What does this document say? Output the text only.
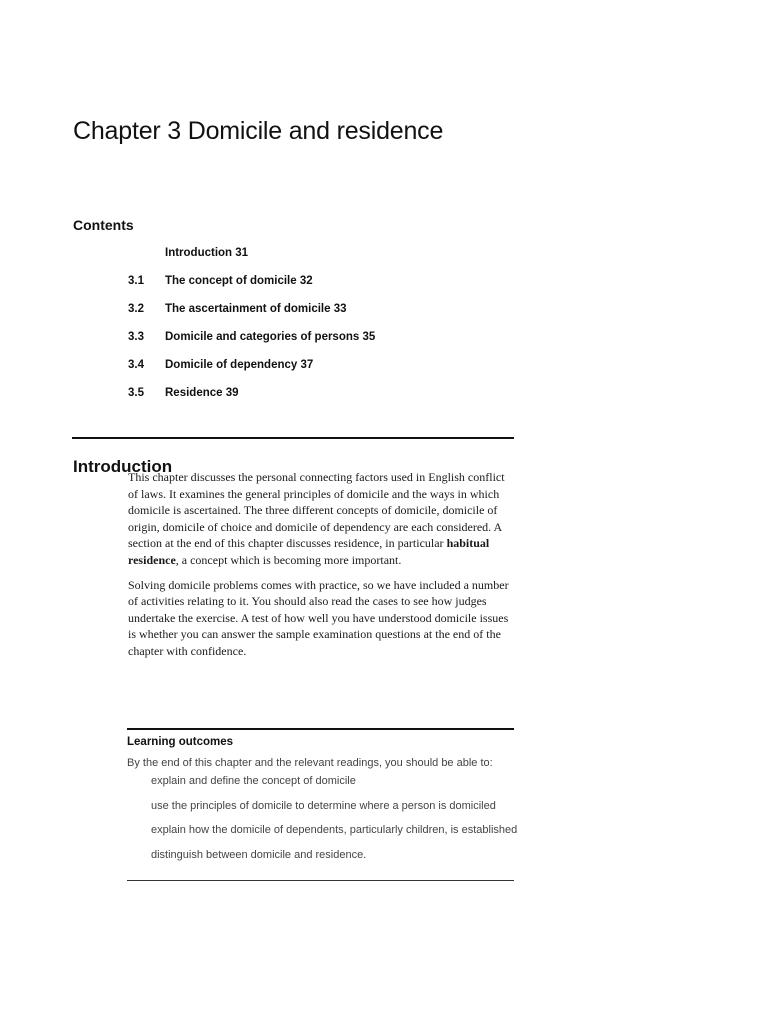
Chapter 3 Domicile and residence
Contents
Introduction 31
3.1 The concept of domicile 32
3.2 The ascertainment of domicile 33
3.3 Domicile and categories of persons 35
3.4 Domicile of dependency 37
3.5 Residence 39
Introduction

This chapter discusses the personal connecting factors used in English conflict of laws. It examines the general principles of domicile and the ways in which domicile is ascertained. The three different concepts of domicile, domicile of origin, domicile of choice and domicile of dependency are each considered. A section at the end of this chapter discusses residence, in particular habitual residence, a concept which is becoming more important.

Solving domicile problems comes with practice, so we have included a number of activities relating to it. You should also read the cases to see how judges undertake the exercise. A test of how well you have understood domicile issues is whether you can answer the sample examination questions at the end of the chapter with confidence.

Learning outcomes
By the end of this chapter and the relevant readings, you should be able to:
explain and define the concept of domicile
use the principles of domicile to determine where a person is domiciled
explain how the domicile of dependents, particularly children, is established
distinguish between domicile and residence.
